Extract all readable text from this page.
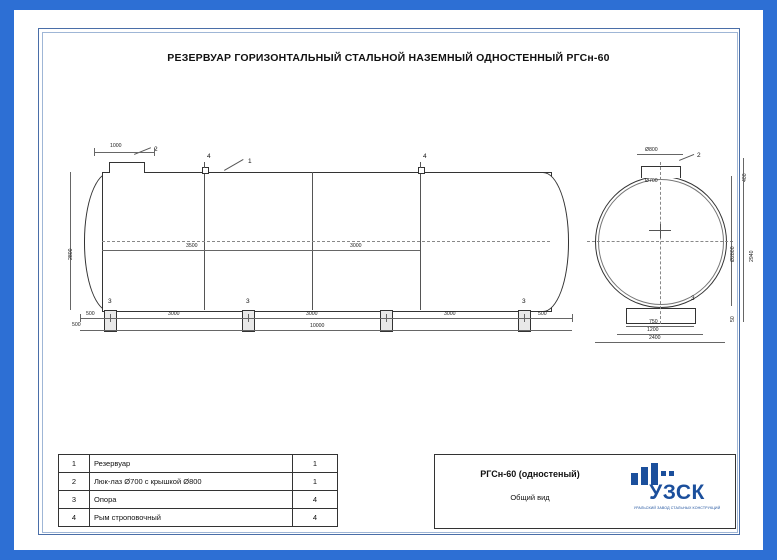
РЕЗЕРВУАР ГОРИЗОНТАЛЬНЫЙ СТАЛЬНОЙ НАЗЕМНЫЙ ОДНОСТЕННЫЙ РГСн-60
2
1
4	4
3	3	3
1000
2800
3500	3000
500	3000	3000	3000	500
10000
500
2
3
Ø800
Ø700	400
Ø2800	2940
50
750
1200
2400
1	Резервуар	1
2	Люк-лаз Ø700 с крышкой Ø800	1
3	Опора	4
4	Рым строповочный	4
РГСн-60 (одностеный)
Общий вид	УЗСК
УРАЛЬСКИЙ ЗАВОД СТАЛЬНЫХ КОНСТРУКЦИЙ
